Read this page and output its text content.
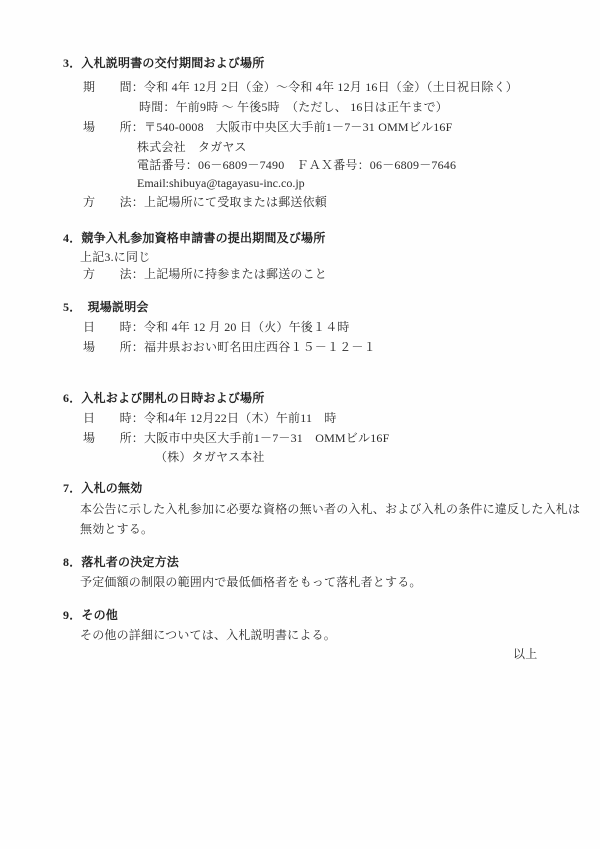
3．入札説明書の交付期間および場所
期　　間：令和 4年 12月 2日（金）～令和 4年 12月 16日（金）（土日祝日除く）
時間：午前9時 ～ 午後5時　（ただし、 16日は正午まで）
場　　所：〒540-0008　大阪市中央区大手前1－7－31 OMMビル16F
株式会社　タガヤス
電話番号：06－6809－7490　ＦＡＸ番号：06－6809－7646
Email:shibuya@tagayasu-inc.co.jp
方　　法：上記場所にて受取または郵送依頼
4．競争入札参加資格申請書の提出期間及び場所
上記3.に同じ
方　　法：上記場所に持参または郵送のこと
5．　現場説明会
日　　時：令和 4年 12 月 20 日（火）午後１４時
場　　所：福井県おおい町名田庄西谷１５－１２－１
6．入札および開札の日時および場所
日　　時：令和4年 12月22日（木）午前11　時
場　　所：大阪市中央区大手前1－7－31　OMMビル16F
（株）タガヤス本社
7．入札の無効
本公告に示した入札参加に必要な資格の無い者の入札、および入札の条件に違反した入札は
無効とする。
8．落札者の決定方法
予定価額の制限の範囲内で最低価格者をもって落札者とする。
9．その他
その他の詳細については、入札説明書による。
以上
